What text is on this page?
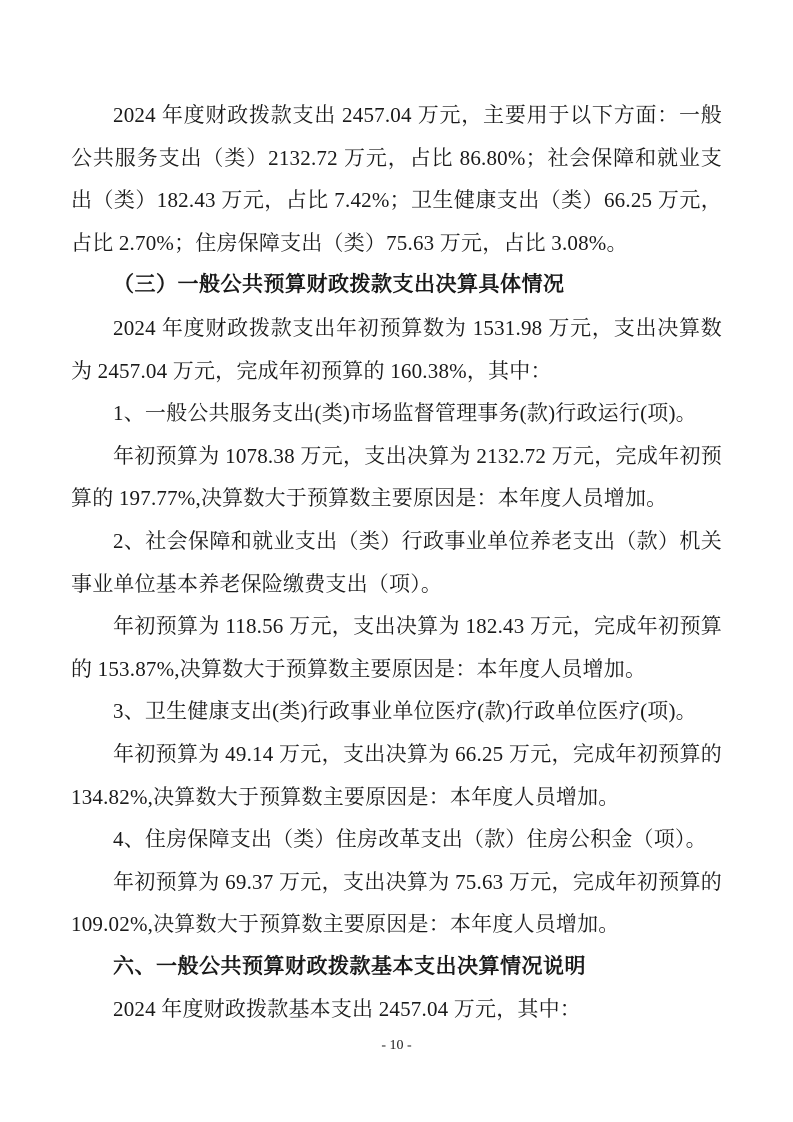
2024 年度财政拨款支出 2457.04 万元，主要用于以下方面：一般公共服务支出（类）2132.72 万元，占比 86.80%；社会保障和就业支出（类）182.43 万元，占比 7.42%；卫生健康支出（类）66.25 万元，占比 2.70%；住房保障支出（类）75.63 万元，占比 3.08%。

（三）一般公共预算财政拨款支出决算具体情况

2024 年度财政拨款支出年初预算数为 1531.98 万元，支出决算数为 2457.04 万元，完成年初预算的 160.38%，其中：

1、一般公共服务支出(类)市场监督管理事务(款)行政运行(项)。

年初预算为 1078.38 万元，支出决算为 2132.72 万元，完成年初预算的 197.77%,决算数大于预算数主要原因是：本年度人员增加。

2、社会保障和就业支出（类）行政事业单位养老支出（款）机关事业单位基本养老保险缴费支出（项）。

年初预算为 118.56 万元，支出决算为 182.43 万元，完成年初预算的 153.87%,决算数大于预算数主要原因是：本年度人员增加。

3、卫生健康支出(类)行政事业单位医疗(款)行政单位医疗(项)。

年初预算为 49.14 万元，支出决算为 66.25 万元，完成年初预算的 134.82%,决算数大于预算数主要原因是：本年度人员增加。

4、住房保障支出（类）住房改革支出（款）住房公积金（项）。

年初预算为 69.37 万元，支出决算为 75.63 万元，完成年初预算的 109.02%,决算数大于预算数主要原因是：本年度人员增加。

六、一般公共预算财政拨款基本支出决算情况说明

2024 年度财政拨款基本支出 2457.04 万元，其中：

- 10 -
